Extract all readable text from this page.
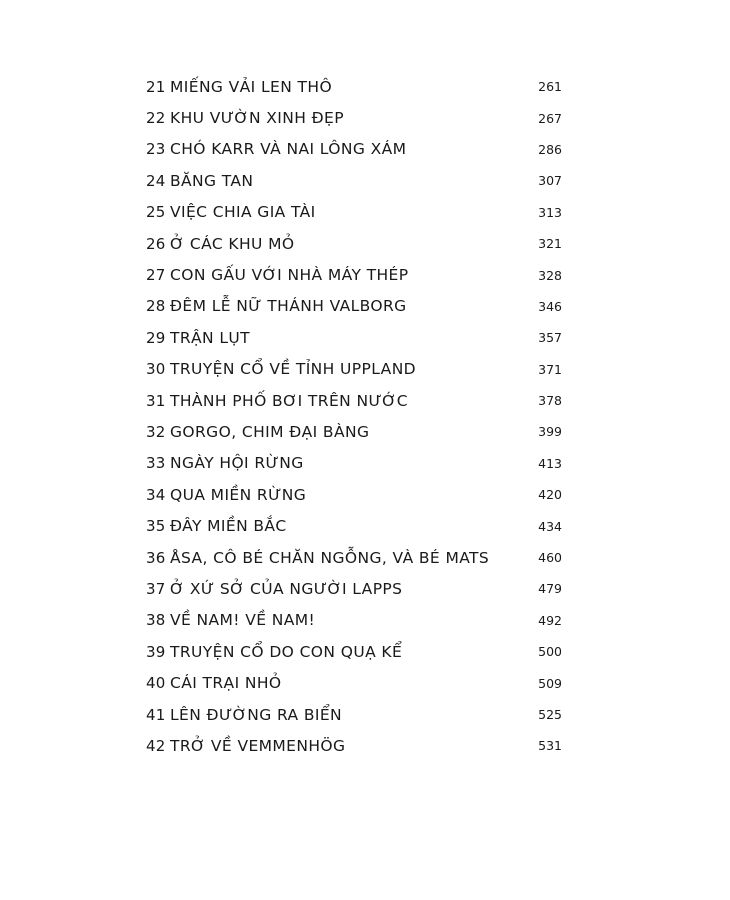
21 MIẾNG VẢI LEN THÔ	261
22 KHU VƯỜN XINH ĐẸP	267
23 CHÓ KARR VÀ NAI LÔNG XÁM	286
24 BĂNG TAN	307
25 VIỆC CHIA GIA TÀI	313
26 Ở CÁC KHU MỎ	321
27 CON GẤU VỚI NHÀ MÁY THÉP	328
28 ĐÊM LỄ NỮ THÁNH VALBORG	346
29 TRẬN LỤT	357
30 TRUYỆN CỔ VỀ TỈNH UPPLAND	371
31 THÀNH PHỐ BƠI TRÊN NƯỚC	378
32 GORGO, CHIM ĐẠI BÀNG	399
33 NGÀY HỘI RỪNG	413
34 QUA MIỀN RỪNG	420
35 ĐÂY MIỀN BẮC	434
36 ÅSA, CÔ BÉ CHĂN NGỖNG, VÀ BÉ MATS	460
37 Ở XỨ SỞ CỦA NGƯỜI LAPPS	479
38 VỀ NAM! VỀ NAM!	492
39 TRUYỆN CỔ DO CON QUẠ KỂ	500
40 CÁI TRẠI NHỎ	509
41 LÊN ĐƯỜNG RA BIỂN	525
42 TRỞ VỀ VEMMENHÖG	531
